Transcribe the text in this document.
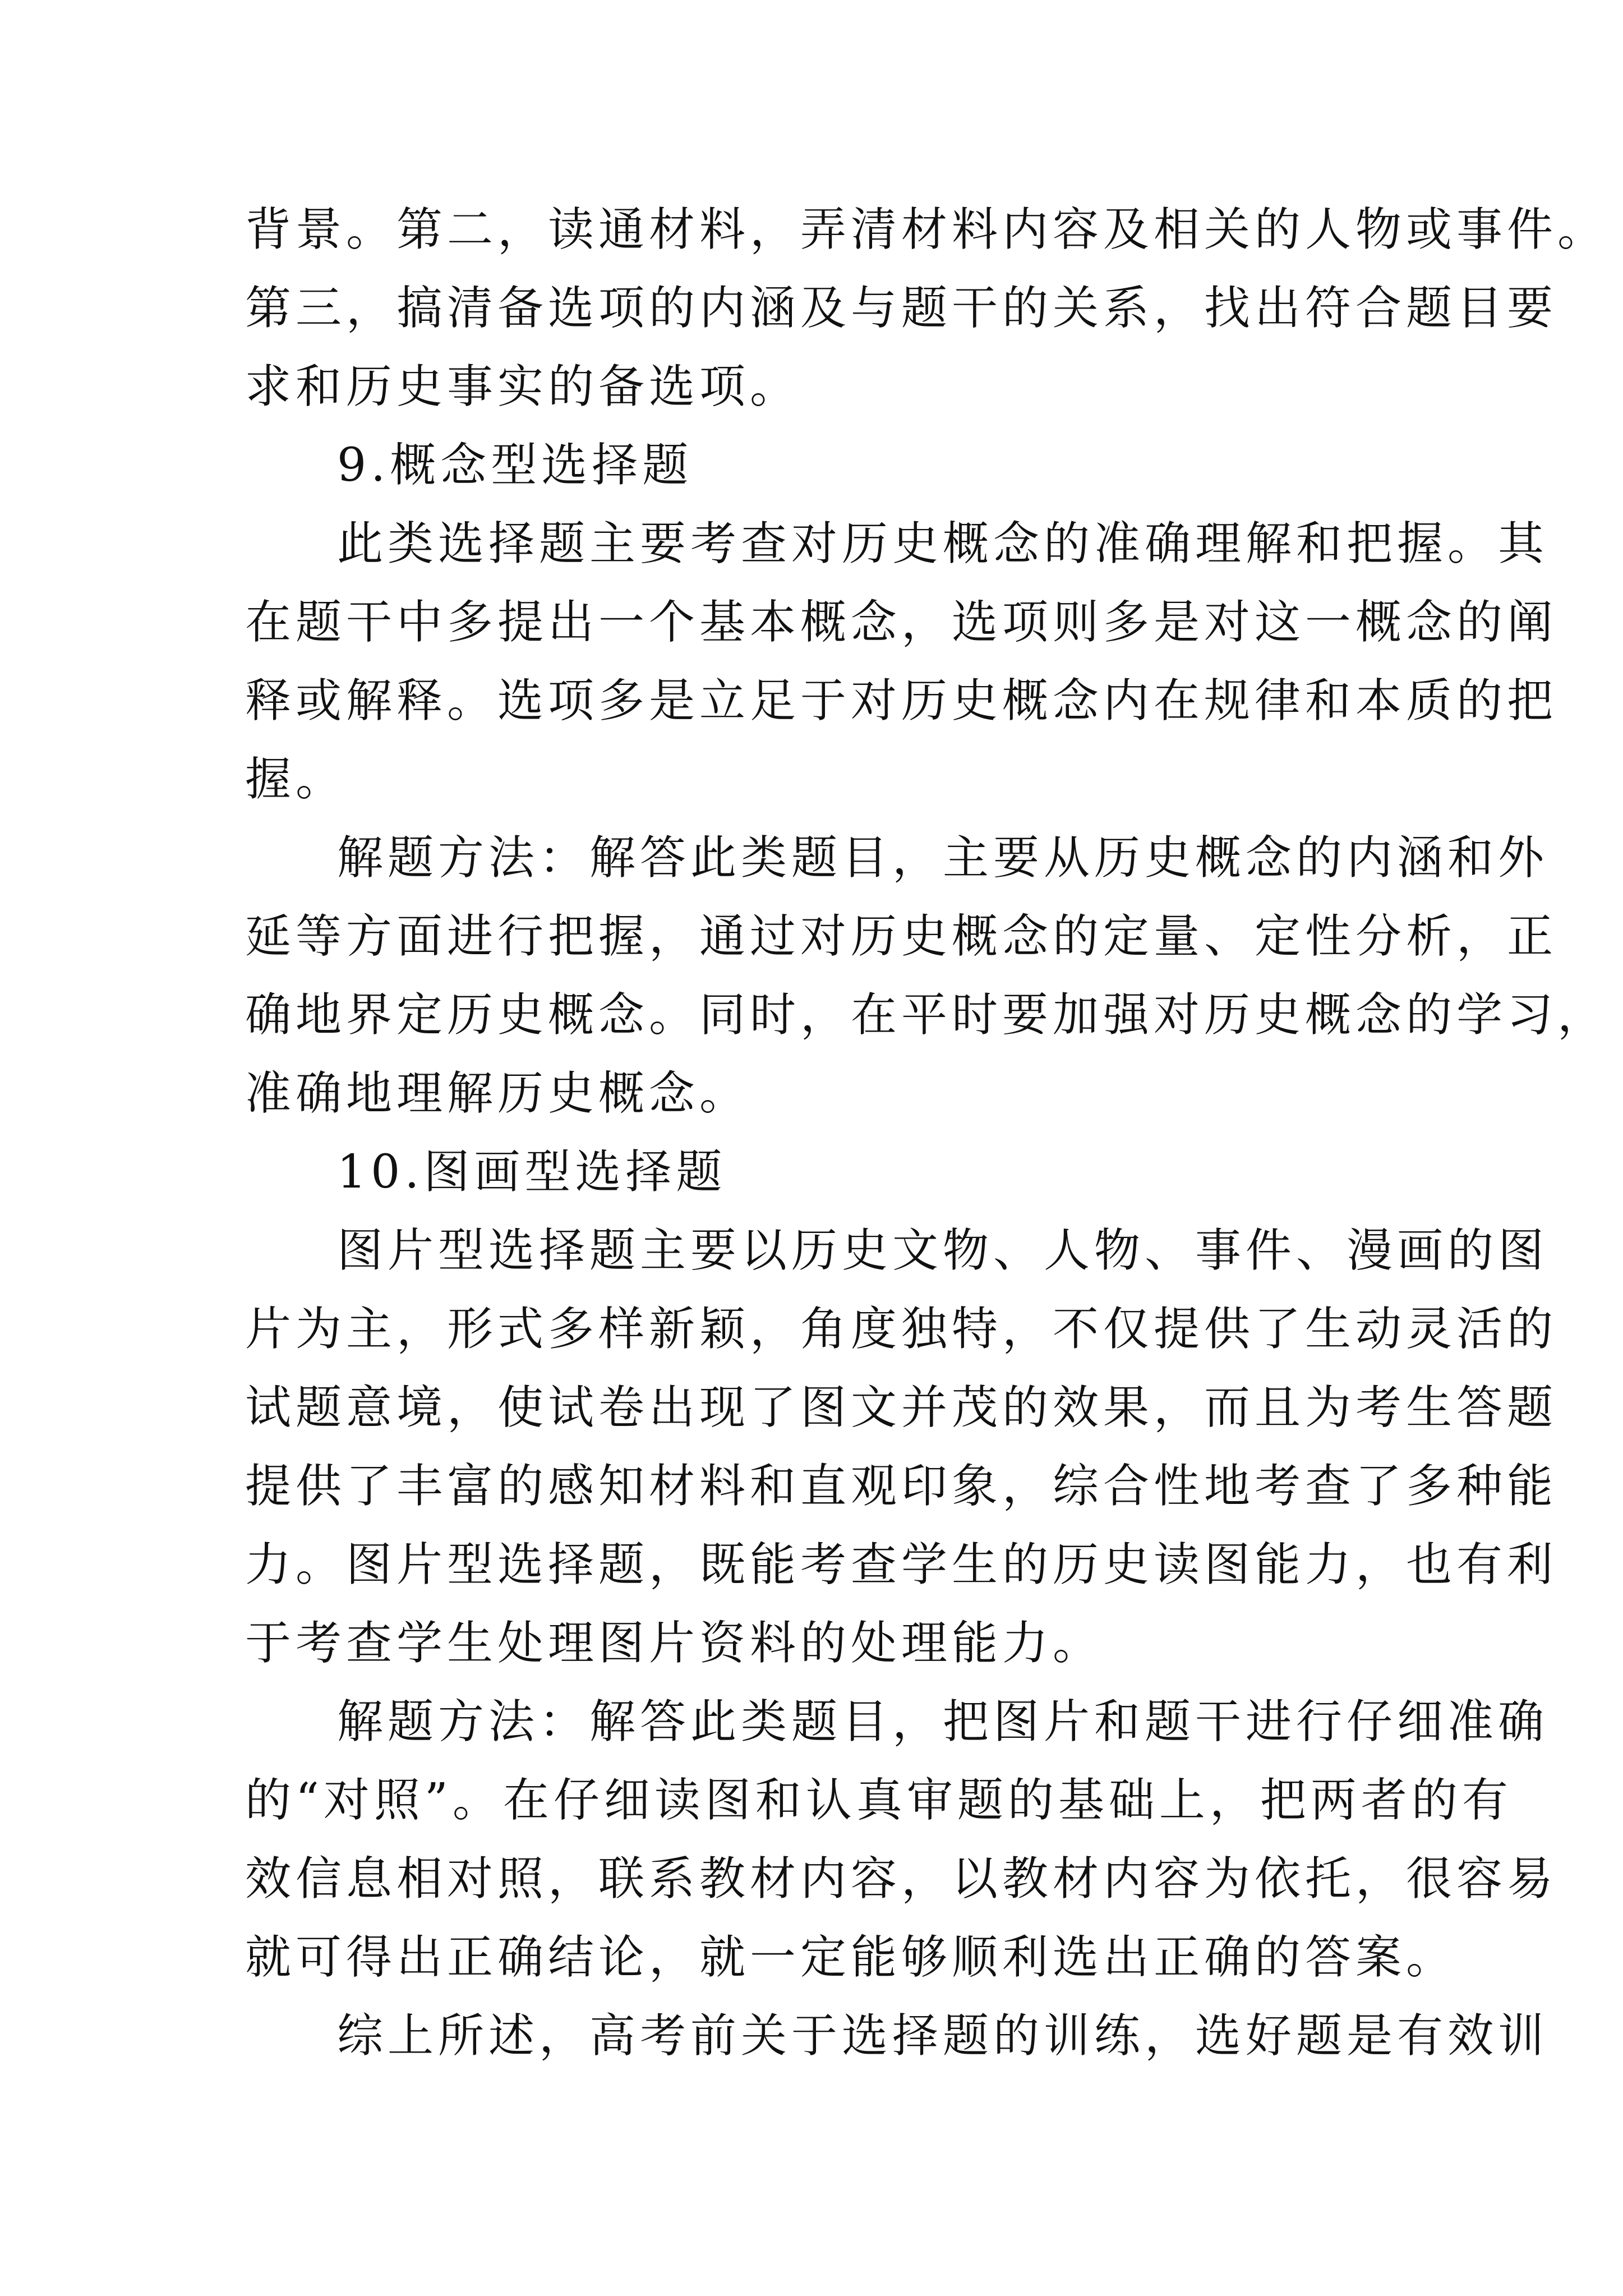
背景。第二，读通材料，弄清材料内容及相关的人物或事件。
第三，搞清备选项的内涵及与题干的关系，找出符合题目要
求和历史事实的备选项。
9.概念型选择题
此类选择题主要考查对历史概念的准确理解和把握。其
在题干中多提出一个基本概念，选项则多是对这一概念的阐
释或解释。选项多是立足于对历史概念内在规律和本质的把
握。
解题方法：解答此类题目，主要从历史概念的内涵和外
延等方面进行把握，通过对历史概念的定量、定性分析，正
确地界定历史概念。同时，在平时要加强对历史概念的学习，
准确地理解历史概念。
10.图画型选择题
图片型选择题主要以历史文物、人物、事件、漫画的图
片为主，形式多样新颖，角度独特，不仅提供了生动灵活的
试题意境，使试卷出现了图文并茂的效果，而且为考生答题
提供了丰富的感知材料和直观印象，综合性地考查了多种能
力。图片型选择题，既能考查学生的历史读图能力，也有利
于考查学生处理图片资料的处理能力。
解题方法：解答此类题目，把图片和题干进行仔细准确
的“对照”。在仔细读图和认真审题的基础上，把两者的有
效信息相对照，联系教材内容，以教材内容为依托，很容易
就可得出正确结论，就一定能够顺利选出正确的答案。
综上所述，高考前关于选择题的训练，选好题是有效训
